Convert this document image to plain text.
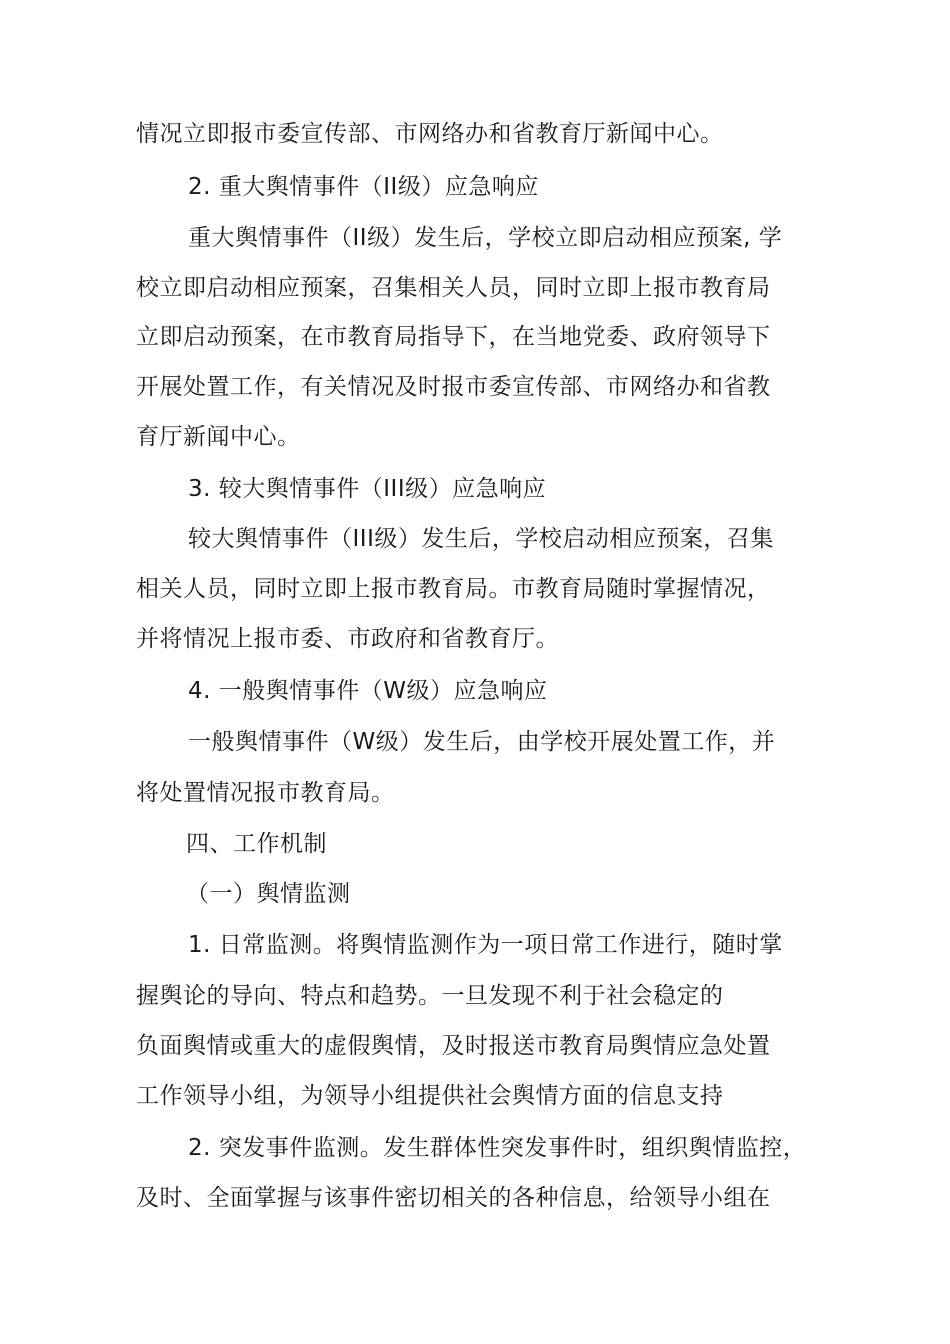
情况立即报市委宣传部、市网络办和省教育厅新闻中心。
2. 重大舆情事件（II级）应急响应
重大舆情事件（II级）发生后，学校立即启动相应预案, 学
校立即启动相应预案，召集相关人员，同时立即上报市教育局
立即启动预案，在市教育局指导下，在当地党委、政府领导下
开展处置工作，有关情况及时报市委宣传部、市网络办和省教
育厅新闻中心。
3. 较大舆情事件（III级）应急响应
较大舆情事件（III级）发生后，学校启动相应预案，召集
相关人员，同时立即上报市教育局。市教育局随时掌握情况，
并将情况上报市委、市政府和省教育厅。
4. 一般舆情事件（W级）应急响应
一般舆情事件（W级）发生后，由学校开展处置工作，并
将处置情况报市教育局。
四、工作机制
（一）舆情监测
1. 日常监测。将舆情监测作为一项日常工作进行，随时掌
握舆论的导向、特点和趋势。一旦发现不利于社会稳定的
负面舆情或重大的虚假舆情，及时报送市教育局舆情应急处置
工作领导小组，为领导小组提供社会舆情方面的信息支持
2. 突发事件监测。发生群体性突发事件时，组织舆情监控，
及时、全面掌握与该事件密切相关的各种信息，给领导小组在
